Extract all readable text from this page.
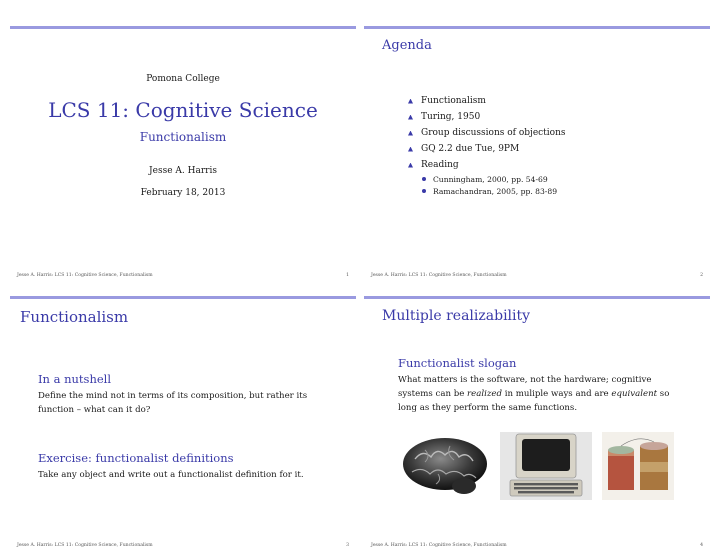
Pomona College
LCS 11: Cognitive Science
Functionalism
Jesse A. Harris
February 18, 2013
Jesse A. Harris: LCS 11: Cognitive Science, Functionalism	1
Agenda
Functionalism
Turing, 1950
Group discussions of objections
GQ 2.2 due Tue, 9PM
Reading
Cunningham, 2000, pp. 54-69
Ramachandran, 2005, pp. 83-89
Jesse A. Harris: LCS 11: Cognitive Science, Functionalism	2
Functionalism
In a nutshell
Define the mind not in terms of its composition, but rather its
function – what can it do?
Exercise: functionalist definitions
Take any object and write out a functionalist definition for it.
Jesse A. Harris: LCS 11: Cognitive Science, Functionalism	3
Multiple realizability
Functionalist slogan
What matters is the software, not the hardware; cognitive
systems can be realized in muliple ways and are equivalent so
long as they perform the same functions.
Jesse A. Harris: LCS 11: Cognitive Science, Functionalism	4
